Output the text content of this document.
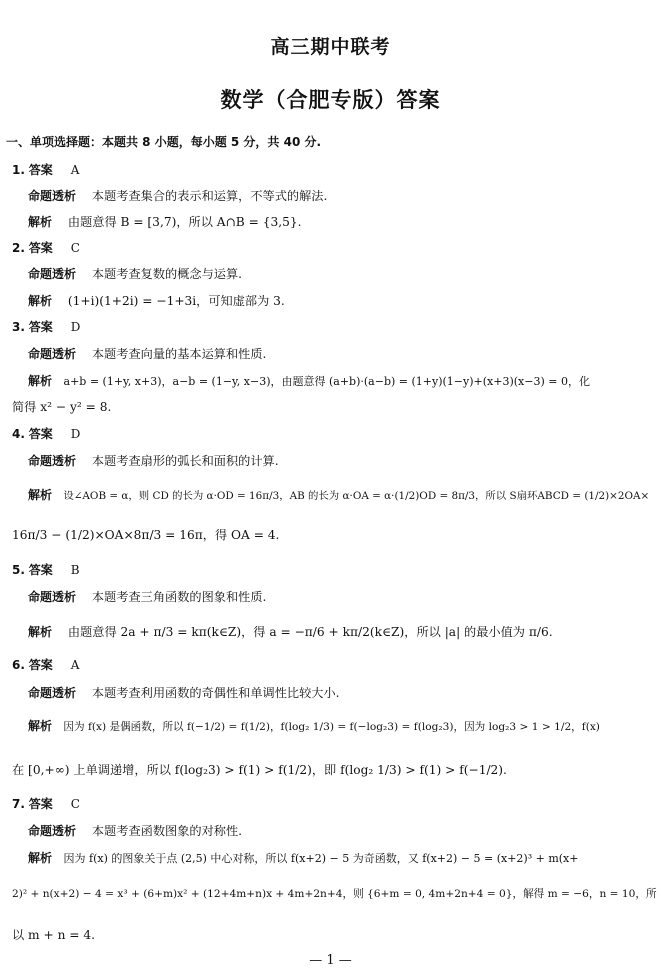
高三期中联考
数学（合肥专版）答案
一、单项选择题：本题共 8 小题，每小题 5 分，共 40 分.
1. 答案 A
命题透析 本题考查集合的表示和运算，不等式的解法.
解析 由题意得 B = [3,7)，所以 A∩B = {3,5}.
2. 答案 C
命题透析 本题考查复数的概念与运算.
解析 (1+i)(1+2i) = −1+3i，可知虚部为 3.
3. 答案 D
命题透析 本题考查向量的基本运算和性质.
解析 a+b = (1+y, x+3)，a−b = (1−y, x−3)，由题意得 (a+b)·(a−b) = (1+y)(1−y)+(x+3)(x−3) = 0，化
简得 x² − y² = 8.
4. 答案 D
命题透析 本题考查扇形的弧长和面积的计算.
解析 设∠AOB = α，则 CD 的长为 α·OD = 16π/3，AB 的长为 α·OA = α·(1/2)OD = 8π/3，所以 S扇环ABCD = (1/2)×2OA×
16π/3 − (1/2)×OA×8π/3 = 16π，得 OA = 4.
5. 答案 B
命题透析 本题考查三角函数的图象和性质.
解析 由题意得 2a + π/3 = kπ(k∈Z)，得 a = −π/6 + kπ/2(k∈Z)，所以 |a| 的最小值为 π/6.
6. 答案 A
命题透析 本题考查利用函数的奇偶性和单调性比较大小.
解析 因为 f(x) 是偶函数，所以 f(−1/2) = f(1/2)，f(log₂ 1/3) = f(−log₂3) = f(log₂3)，因为 log₂3 > 1 > 1/2，f(x)
在 [0,+∞) 上单调递增，所以 f(log₂3) > f(1) > f(1/2)，即 f(log₂ 1/3) > f(1) > f(−1/2).
7. 答案 C
命题透析 本题考查函数图象的对称性.
解析 因为 f(x) 的图象关于点 (2,5) 中心对称，所以 f(x+2) − 5 为奇函数，又 f(x+2) − 5 = (x+2)³ + m(x+
2)² + n(x+2) − 4 = x³ + (6+m)x² + (12+4m+n)x + 4m+2n+4，则 {6+m = 0, 4m+2n+4 = 0}，解得 m = −6，n = 10，所
以 m + n = 4.
— 1 —
